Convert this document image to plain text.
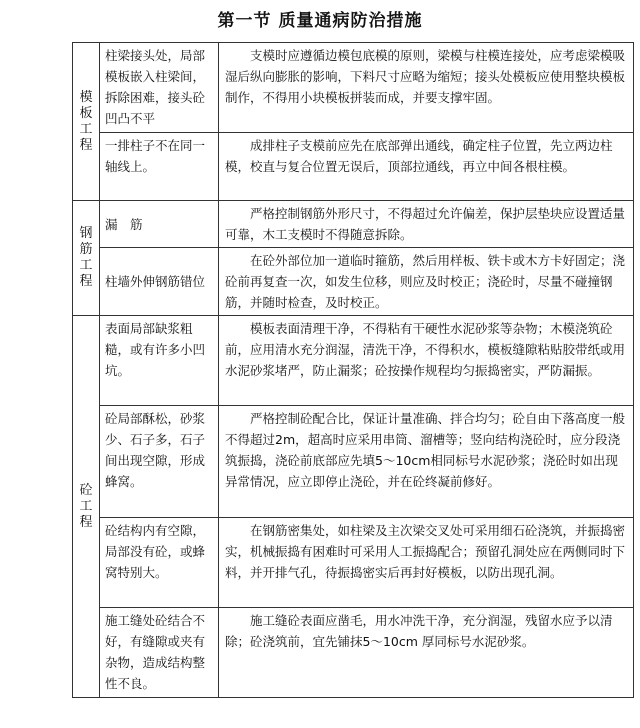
第一节 质量通病防治措施
模板工程	柱梁接头处，局部模板嵌入柱梁间，拆除困难，接头砼凹凸不平	支模时应遵循边模包底模的原则，梁模与柱模连接处，应考虑梁模吸湿后纵向膨胀的影响，下料尺寸应略为缩短；接头处模板应使用整块模板制作，不得用小块模板拼装而成，并要支撑牢固。
	一排柱子不在同一轴线上。	成排柱子支模前应先在底部弹出通线，确定柱子位置，先立两边柱模，校直与复合位置无误后，顶部拉通线，再立中间各根柱模。
钢筋工程	漏　筋	严格控制钢筋外形尺寸，不得超过允许偏差，保护层垫块应设置适量可靠，木工支模时不得随意拆除。
	柱墙外伸钢筋错位	在砼外部位加一道临时箍筋，然后用样板、铁卡或木方卡好固定；浇砼前再复查一次，如发生位移，则应及时校正；浇砼时，尽量不碰撞钢筋，并随时检查，及时校正。
砼工程	表面局部缺浆粗糙，或有许多小凹坑。	模板表面清理干净，不得粘有干硬性水泥砂浆等杂物；木模浇筑砼前，应用清水充分润湿，清洗干净，不得积水，模板缝隙粘贴胶带纸或用水泥砂浆堵严，防止漏浆；砼按操作规程均匀振捣密实，严防漏振。
	砼局部酥松，砂浆少、石子多，石子间出现空隙，形成蜂窝。	严格控制砼配合比，保证计量准确、拌合均匀；砼自由下落高度一般不得超过2m，超高时应采用串筒、溜槽等；竖向结构浇砼时，应分段浇筑振捣，浇砼前底部应先填5～10cm相同标号水泥砂浆；浇砼时如出现异常情况，应立即停止浇砼，并在砼终凝前修好。
	砼结构内有空隙，局部没有砼，或蜂窝特别大。	在钢筋密集处，如柱梁及主次梁交叉处可采用细石砼浇筑，并振捣密实，机械振捣有困难时可采用人工振捣配合；预留孔洞处应在两侧同时下料，并开排气孔，待振捣密实后再封好模板，以防出现孔洞。
	施工缝处砼结合不好，有缝隙或夹有杂物，造成结构整性不良。	施工缝砼表面应凿毛，用水冲洗干净，充分润湿，残留水应予以清除；砼浇筑前，宜先铺抹5～10cm 厚同标号水泥砂浆。
